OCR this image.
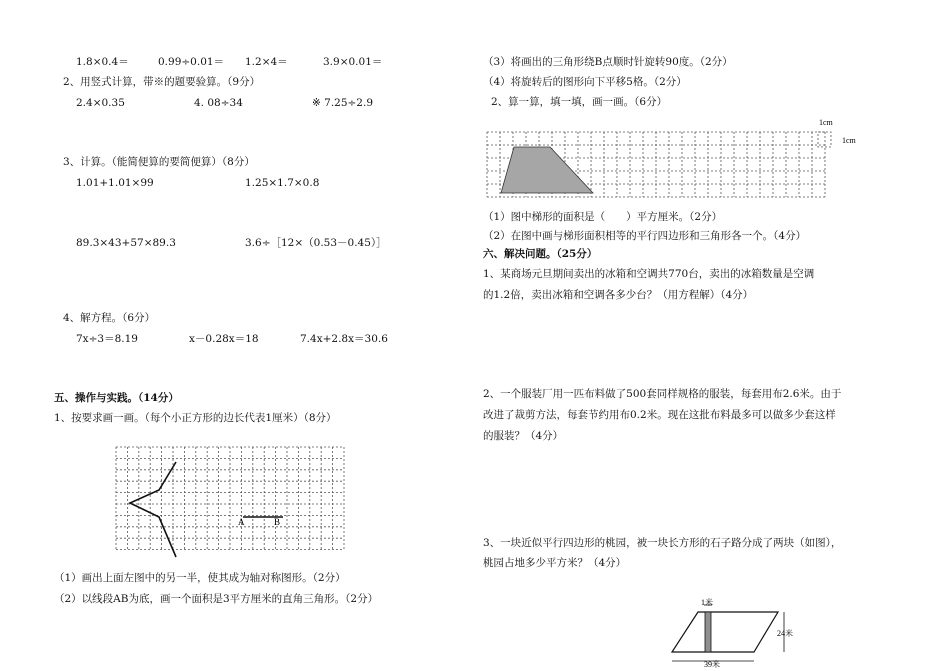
1.8×0.4＝	0.99÷0.01＝ 1.2×4＝	3.9×0.01＝
2、用竖式计算，带※的题要验算。（9分）
2.4×0.35	4. 08÷34	※ 7.25÷2.9
3、计算。（能简便算的要简便算）（8分）
1.01+1.01×99	1.25×1.7×0.8
89.3×43+57×89.3	3.6÷［12×（0.53－0.45）］
4、解方程。（6分）
7x÷3＝8.19	x－0.28x＝18	7.4x+2.8x＝30.6
五、操作与实践。（14分）
1、按要求画一画。（每个小正方形的边长代表1厘米）（8分）
A	B
（1）画出上面左图中的另一半，使其成为轴对称图形。（2分）
（2）以线段AB为底，画一个面积是3平方厘米的直角三角形。（2分）
（3）将画出的三角形绕B点顺时针旋转90度。（2分）
（4）将旋转后的图形向下平移5格。（2分）
2、算一算，填一填，画一画。（6分）
1cm
1cm
（1）图中梯形的面积是（　　）平方厘米。（2分）
（2）在图中画与梯形面积相等的平行四边形和三角形各一个。（4分）
六、解决问题。（25分）
1、某商场元旦期间卖出的冰箱和空调共770台，卖出的冰箱数量是空调
的1.2倍，卖出冰箱和空调各多少台？（用方程解）（4分）
2、一个服装厂用一匹布料做了500套同样规格的服装，每套用布2.6米。由于
改进了裁剪方法，每套节约用布0.2米。现在这批布料最多可以做多少套这样
的服装？（4分）
3、一块近似平行四边形的桃园，被一块长方形的石子路分成了两块（如图），
桃园占地多少平方米？（4分）
1米
24米
39米
